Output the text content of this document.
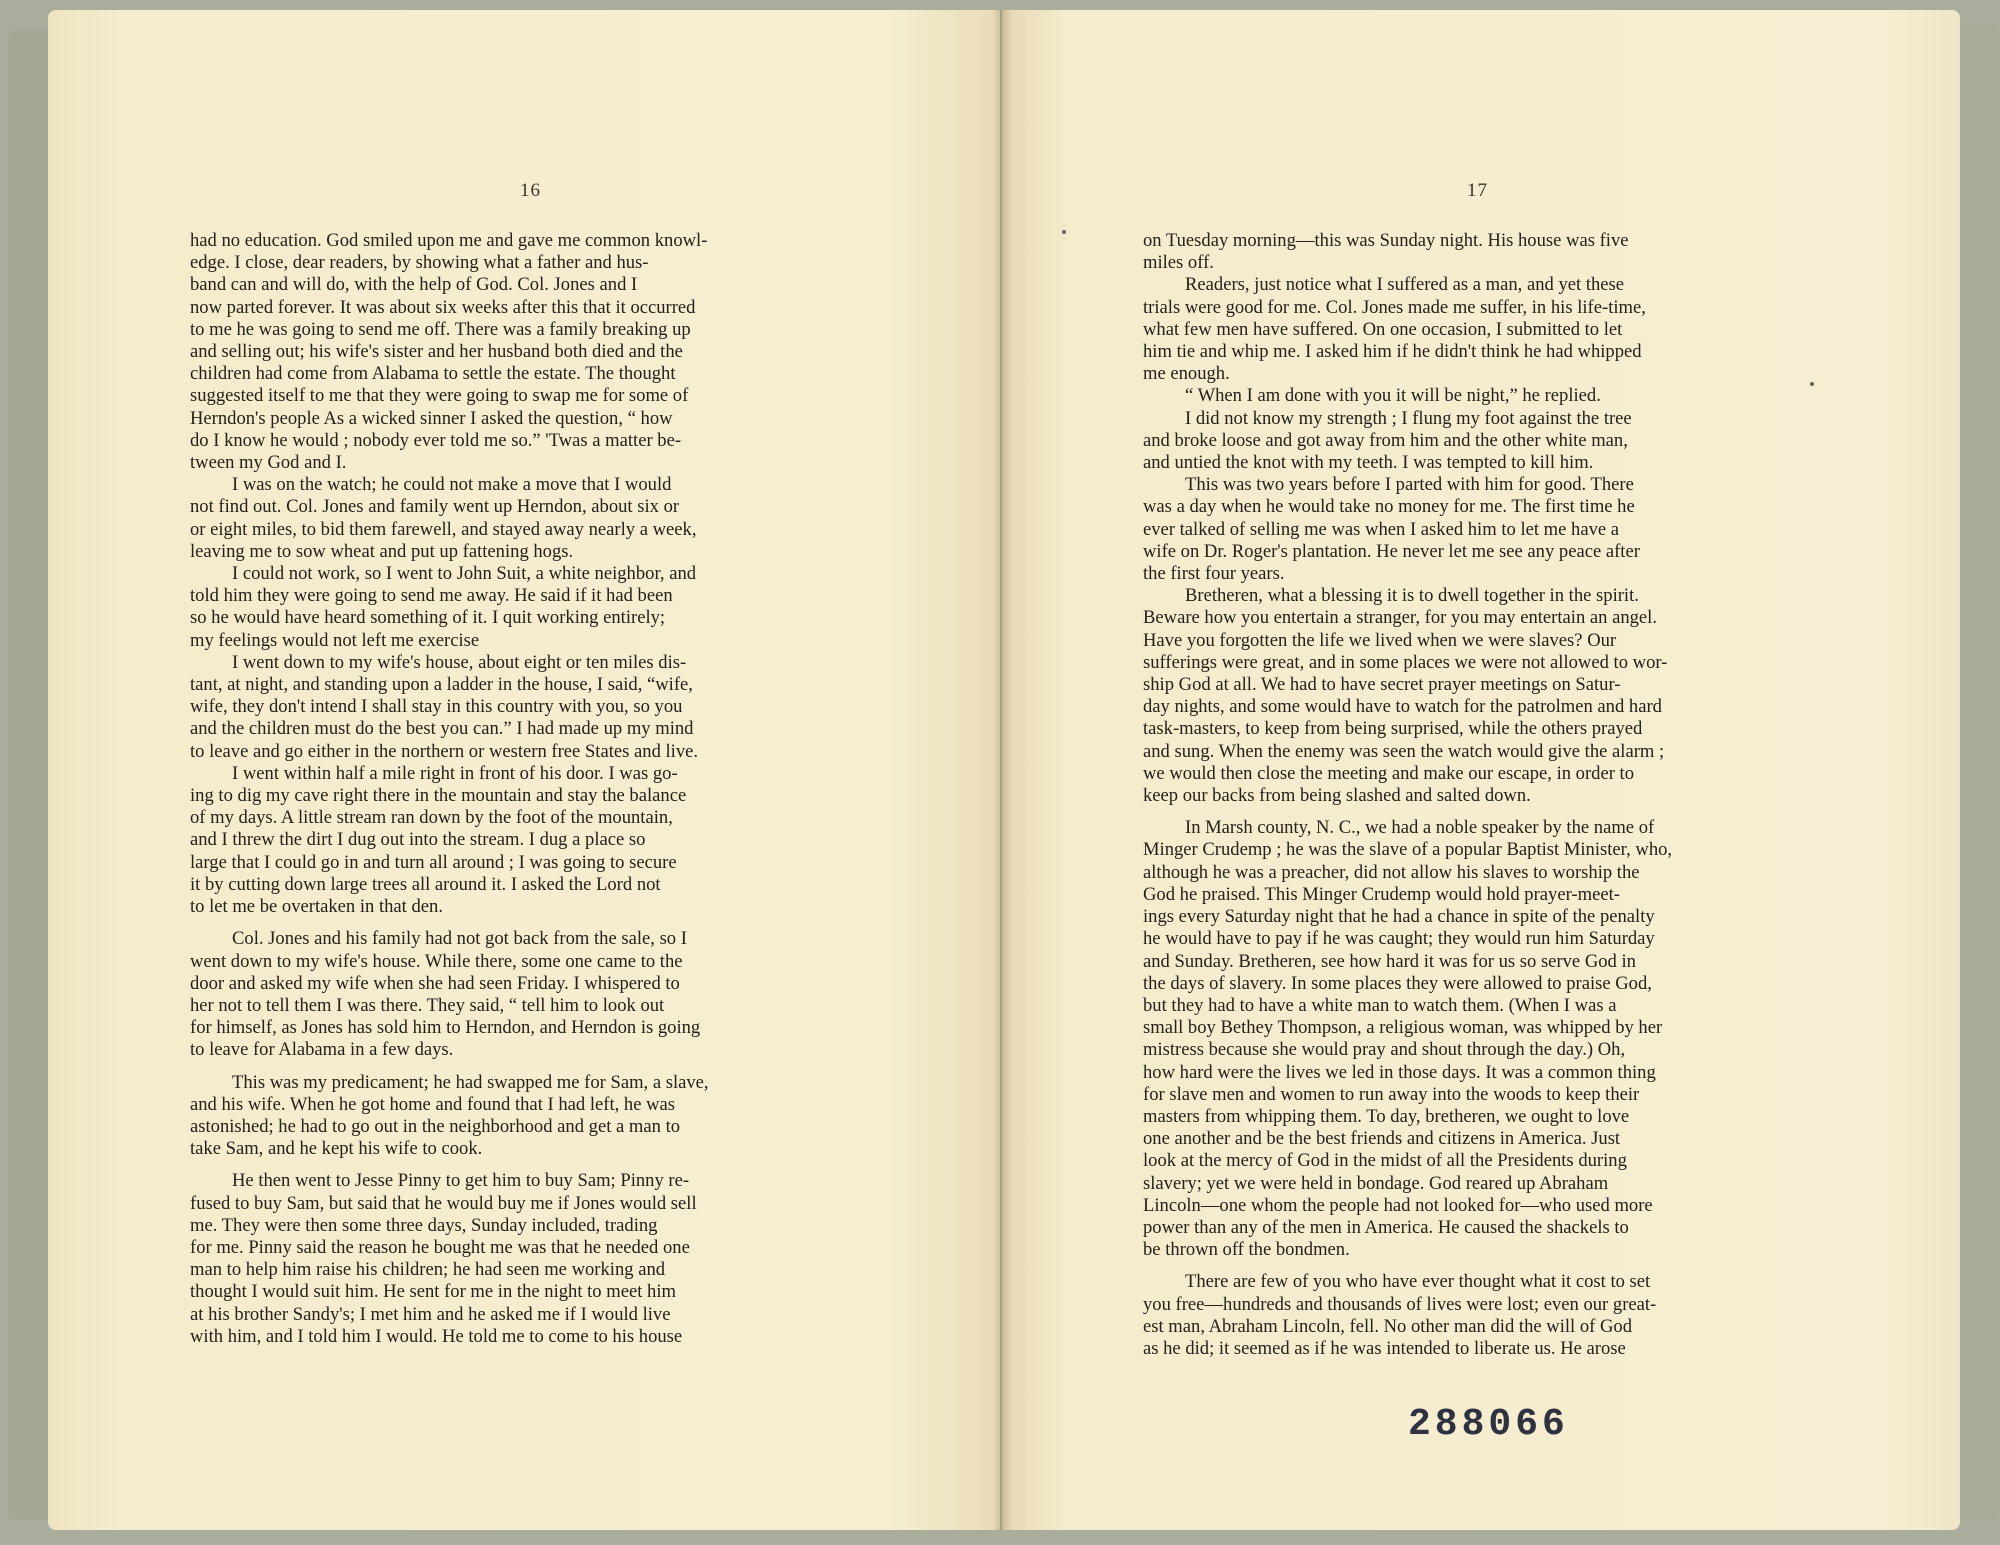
16	17
had no education. God smiled upon me and gave me common knowl-
edge. I close, dear readers, by showing what a father and hus-
band can and will do, with the help of God. Col. Jones and I
now parted forever. It was about six weeks after this that it occurred
to me he was going to send me off. There was a family breaking up
and selling out; his wife's sister and her husband both died and the
children had come from Alabama to settle the estate. The thought
suggested itself to me that they were going to swap me for some of
Herndon's people As a wicked sinner I asked the question, “ how
do I know he would ; nobody ever told me so.” 'Twas a matter be-
tween my God and I.
I was on the watch; he could not make a move that I would
not find out. Col. Jones and family went up Herndon, about six or
or eight miles, to bid them farewell, and stayed away nearly a week,
leaving me to sow wheat and put up fattening hogs.
I could not work, so I went to John Suit, a white neighbor, and
told him they were going to send me away. He said if it had been
so he would have heard something of it. I quit working entirely;
my feelings would not left me exercise
I went down to my wife's house, about eight or ten miles dis-
tant, at night, and standing upon a ladder in the house, I said, “wife,
wife, they don't intend I shall stay in this country with you, so you
and the children must do the best you can.” I had made up my mind
to leave and go either in the northern or western free States and live.
I went within half a mile right in front of his door. I was go-
ing to dig my cave right there in the mountain and stay the balance
of my days. A little stream ran down by the foot of the mountain,
and I threw the dirt I dug out into the stream. I dug a place so
large that I could go in and turn all around ; I was going to secure
it by cutting down large trees all around it. I asked the Lord not
to let me be overtaken in that den.
Col. Jones and his family had not got back from the sale, so I
went down to my wife's house. While there, some one came to the
door and asked my wife when she had seen Friday. I whispered to
her not to tell them I was there. They said, “ tell him to look out
for himself, as Jones has sold him to Herndon, and Herndon is going
to leave for Alabama in a few days.
This was my predicament; he had swapped me for Sam, a slave,
and his wife. When he got home and found that I had left, he was
astonished; he had to go out in the neighborhood and get a man to
take Sam, and he kept his wife to cook.
He then went to Jesse Pinny to get him to buy Sam; Pinny re-
fused to buy Sam, but said that he would buy me if Jones would sell
me. They were then some three days, Sunday included, trading
for me. Pinny said the reason he bought me was that he needed one
man to help him raise his children; he had seen me working and
thought I would suit him. He sent for me in the night to meet him
at his brother Sandy's; I met him and he asked me if I would live
with him, and I told him I would. He told me to come to his house
on Tuesday morning—this was Sunday night. His house was five
miles off.
Readers, just notice what I suffered as a man, and yet these
trials were good for me. Col. Jones made me suffer, in his life-time,
what few men have suffered. On one occasion, I submitted to let
him tie and whip me. I asked him if he didn't think he had whipped
me enough.
“ When I am done with you it will be night,” he replied.
I did not know my strength ; I flung my foot against the tree
and broke loose and got away from him and the other white man,
and untied the knot with my teeth. I was tempted to kill him.
This was two years before I parted with him for good. There
was a day when he would take no money for me. The first time he
ever talked of selling me was when I asked him to let me have a
wife on Dr. Roger's plantation. He never let me see any peace after
the first four years.
Bretheren, what a blessing it is to dwell together in the spirit.
Beware how you entertain a stranger, for you may entertain an angel.
Have you forgotten the life we lived when we were slaves? Our
sufferings were great, and in some places we were not allowed to wor-
ship God at all. We had to have secret prayer meetings on Satur-
day nights, and some would have to watch for the patrolmen and hard
task-masters, to keep from being surprised, while the others prayed
and sung. When the enemy was seen the watch would give the alarm ;
we would then close the meeting and make our escape, in order to
keep our backs from being slashed and salted down.
In Marsh county, N. C., we had a noble speaker by the name of
Minger Crudemp ; he was the slave of a popular Baptist Minister, who,
although he was a preacher, did not allow his slaves to worship the
God he praised. This Minger Crudemp would hold prayer-meet-
ings every Saturday night that he had a chance in spite of the penalty
he would have to pay if he was caught; they would run him Saturday
and Sunday. Bretheren, see how hard it was for us so serve God in
the days of slavery. In some places they were allowed to praise God,
but they had to have a white man to watch them. (When I was a
small boy Bethey Thompson, a religious woman, was whipped by her
mistress because she would pray and shout through the day.) Oh,
how hard were the lives we led in those days. It was a common thing
for slave men and women to run away into the woods to keep their
masters from whipping them. To day, bretheren, we ought to love
one another and be the best friends and citizens in America. Just
look at the mercy of God in the midst of all the Presidents during
slavery; yet we were held in bondage. God reared up Abraham
Lincoln—one whom the people had not looked for—who used more
power than any of the men in America. He caused the shackels to
be thrown off the bondmen.
There are few of you who have ever thought what it cost to set
you free—hundreds and thousands of lives were lost; even our great-
est man, Abraham Lincoln, fell. No other man did the will of God
as he did; it seemed as if he was intended to liberate us. He arose
288066
